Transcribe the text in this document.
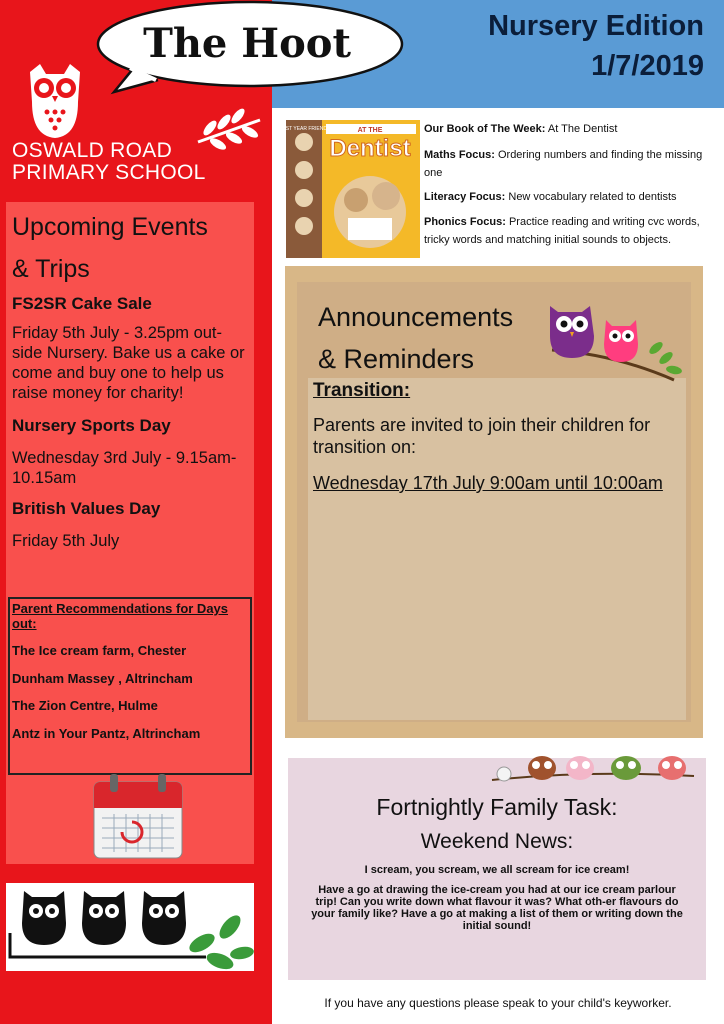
The Hoot	Nursery Edition
1/7/2019
OSWALD ROAD
PRIMARY SCHOOL
Upcoming Events
& Trips
FS2SR Cake Sale
Friday 5th July - 3.25pm out-side Nursery. Bake us a cake or come and buy one to help us raise money for charity!
Nursery Sports Day
Wednesday 3rd July - 9.15am-10.15am
British Values Day
Friday 5th July
Parent Recommendations for Days out:
The Ice cream farm, Chester
Dunham Massey , Altrincham
The Zion Centre, Hulme
Antz in Your Pantz, Altrincham
FIRST YEAR FRIENDS	AT THE
Dentist
Our Book of The Week: At The Dentist
Maths Focus: Ordering numbers and finding the missing one
Literacy Focus: New vocabulary related to dentists
Phonics Focus: Practice reading and writing cvc words, tricky words and matching initial sounds to objects.
Announcements
& Reminders
Transition:
Parents are invited to join their children for transition on:
Wednesday 17th July 9:00am until 10:00am
Fortnightly Family Task:
Weekend News:
I scream, you scream, we all scream for ice cream!
Have a go at drawing the ice-cream you had at our ice cream parlour trip! Can you write down what flavour it was? What oth-er flavours do your family like? Have a go at making a list of them or writing down the initial sound!
If you have any questions please speak to your child's keyworker.
